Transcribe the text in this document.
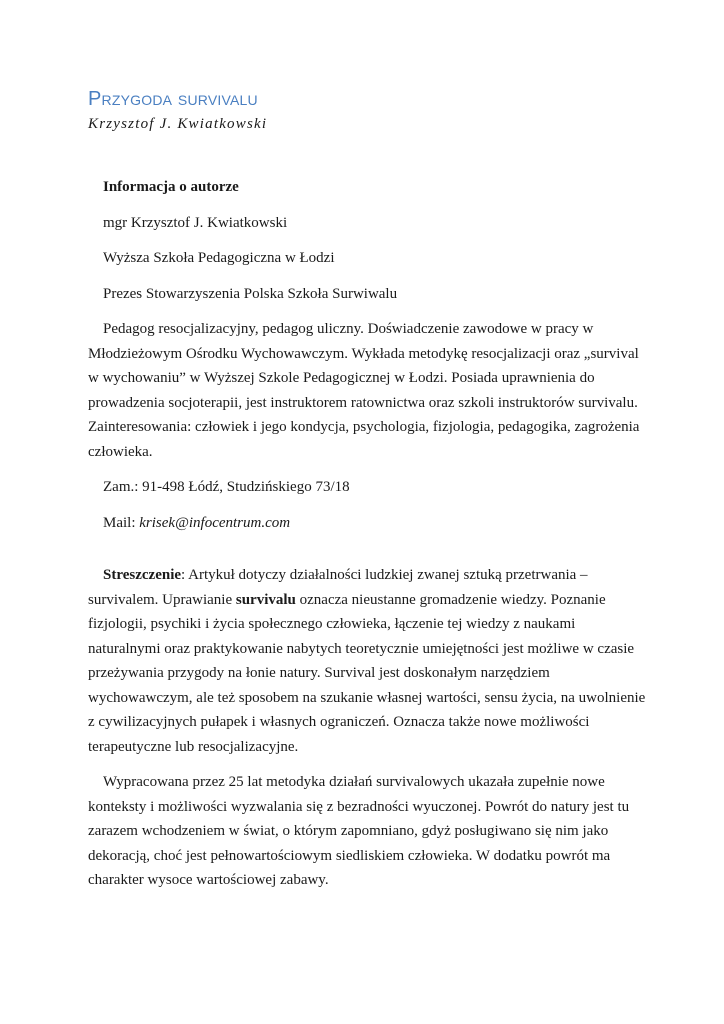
Przygoda survivalu

Krzysztof J. Kwiatkowski

Informacja o autorze

mgr Krzysztof J. Kwiatkowski

Wyższa Szkoła Pedagogiczna w Łodzi

Prezes Stowarzyszenia Polska Szkoła Surwiwalu

Pedagog resocjalizacyjny, pedagog uliczny. Doświadczenie zawodowe w pracy w Młodzieżowym Ośrodku Wychowawczym. Wykłada metodykę resocjalizacji oraz „survival w wychowaniu” w Wyższej Szkole Pedagogicznej w Łodzi. Posiada uprawnienia do prowadzenia socjoterapii, jest instruktorem ratownictwa oraz szkoli instruktorów survivalu. Zainteresowania: człowiek i jego kondycja, psychologia, fizjologia, pedagogika, zagrożenia człowieka.

Zam.: 91-498 Łódź, Studzińskiego 73/18

Mail: krisek@infocentrum.com

Streszczenie: Artykuł dotyczy działalności ludzkiej zwanej sztuką przetrwania – survivalem. Uprawianie survivalu oznacza nieustanne gromadzenie wiedzy. Poznanie fizjologii, psychiki i życia społecznego człowieka, łączenie tej wiedzy z naukami naturalnymi oraz praktykowanie nabytych teoretycznie umiejętności jest możliwe w czasie przeżywania przygody na łonie natury. Survival jest doskonałym narzędziem wychowawczym, ale też sposobem na szukanie własnej wartości, sensu życia, na uwolnienie z cywilizacyjnych pułapek i własnych ograniczeń. Oznacza także nowe możliwości terapeutyczne lub resocjalizacyjne.

Wypracowana przez 25 lat metodyka działań survivalowych ukazała zupełnie nowe konteksty i możliwości wyzwalania się z bezradności wyuczonej. Powrót do natury jest tu zarazem wchodzeniem w świat, o którym zapomniano, gdyż posługiwano się nim jako dekoracją, choć jest pełnowartościowym siedliskiem człowieka. W dodatku powrót ma charakter wysoce wartościowej zabawy.
